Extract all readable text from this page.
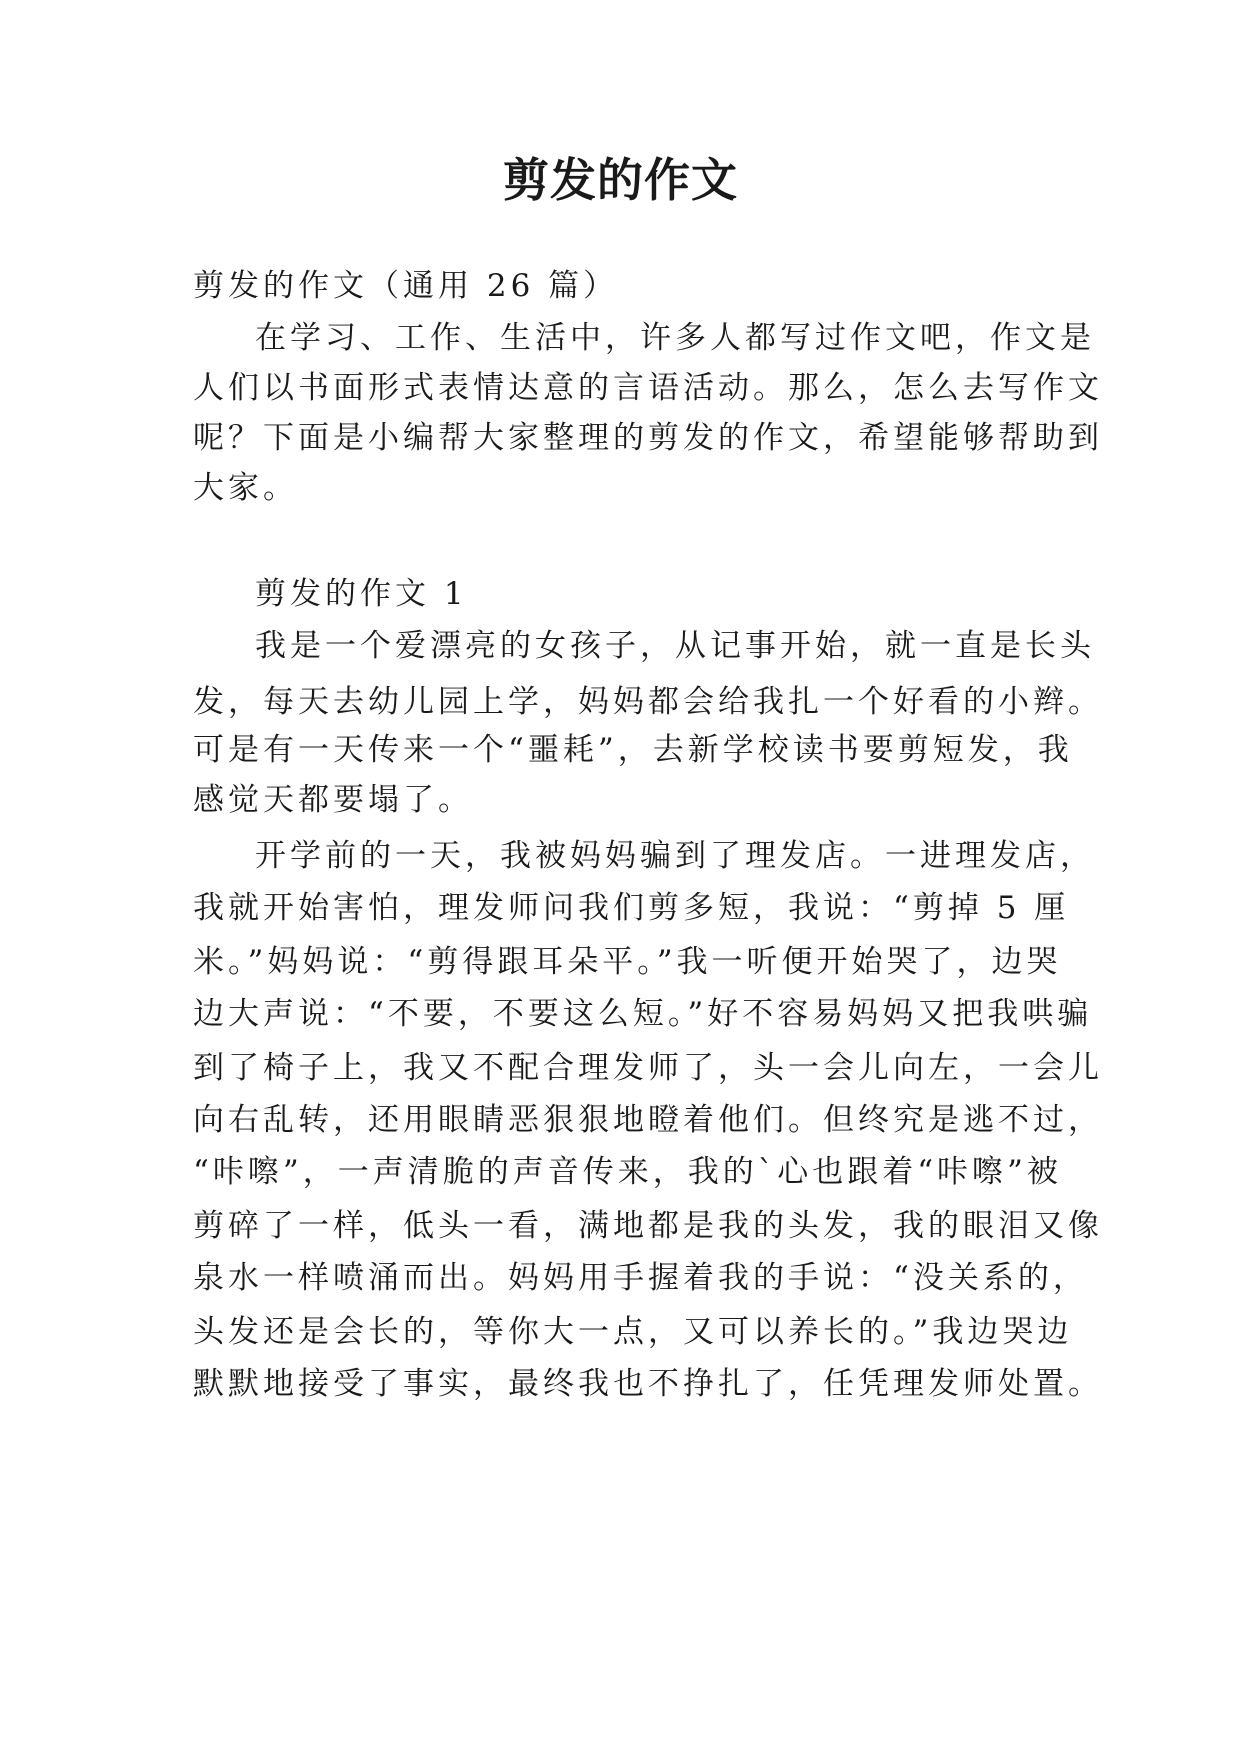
剪发的作文
剪发的作文（通用 26 篇）
在学习、工作、生活中，许多人都写过作文吧，作文是
人们以书面形式表情达意的言语活动。那么，怎么去写作文
呢？下面是小编帮大家整理的剪发的作文，希望能够帮助到
大家。
剪发的作文 1
我是一个爱漂亮的女孩子，从记事开始，就一直是长头
发，每天去幼儿园上学，妈妈都会给我扎一个好看的小辫。
可是有一天传来一个“噩耗”，去新学校读书要剪短发，我
感觉天都要塌了。
开学前的一天，我被妈妈骗到了理发店。一进理发店，
我就开始害怕，理发师问我们剪多短，我说：“剪掉 5 厘
米。”妈妈说：“剪得跟耳朵平。”我一听便开始哭了，边哭
边大声说：“不要，不要这么短。”好不容易妈妈又把我哄骗
到了椅子上，我又不配合理发师了，头一会儿向左，一会儿
向右乱转，还用眼睛恶狠狠地瞪着他们。但终究是逃不过，
“咔嚓”，一声清脆的声音传来，我的`心也跟着“咔嚓”被
剪碎了一样，低头一看，满地都是我的头发，我的眼泪又像
泉水一样喷涌而出。妈妈用手握着我的手说：“没关系的，
头发还是会长的，等你大一点，又可以养长的。”我边哭边
默默地接受了事实，最终我也不挣扎了，任凭理发师处置。
